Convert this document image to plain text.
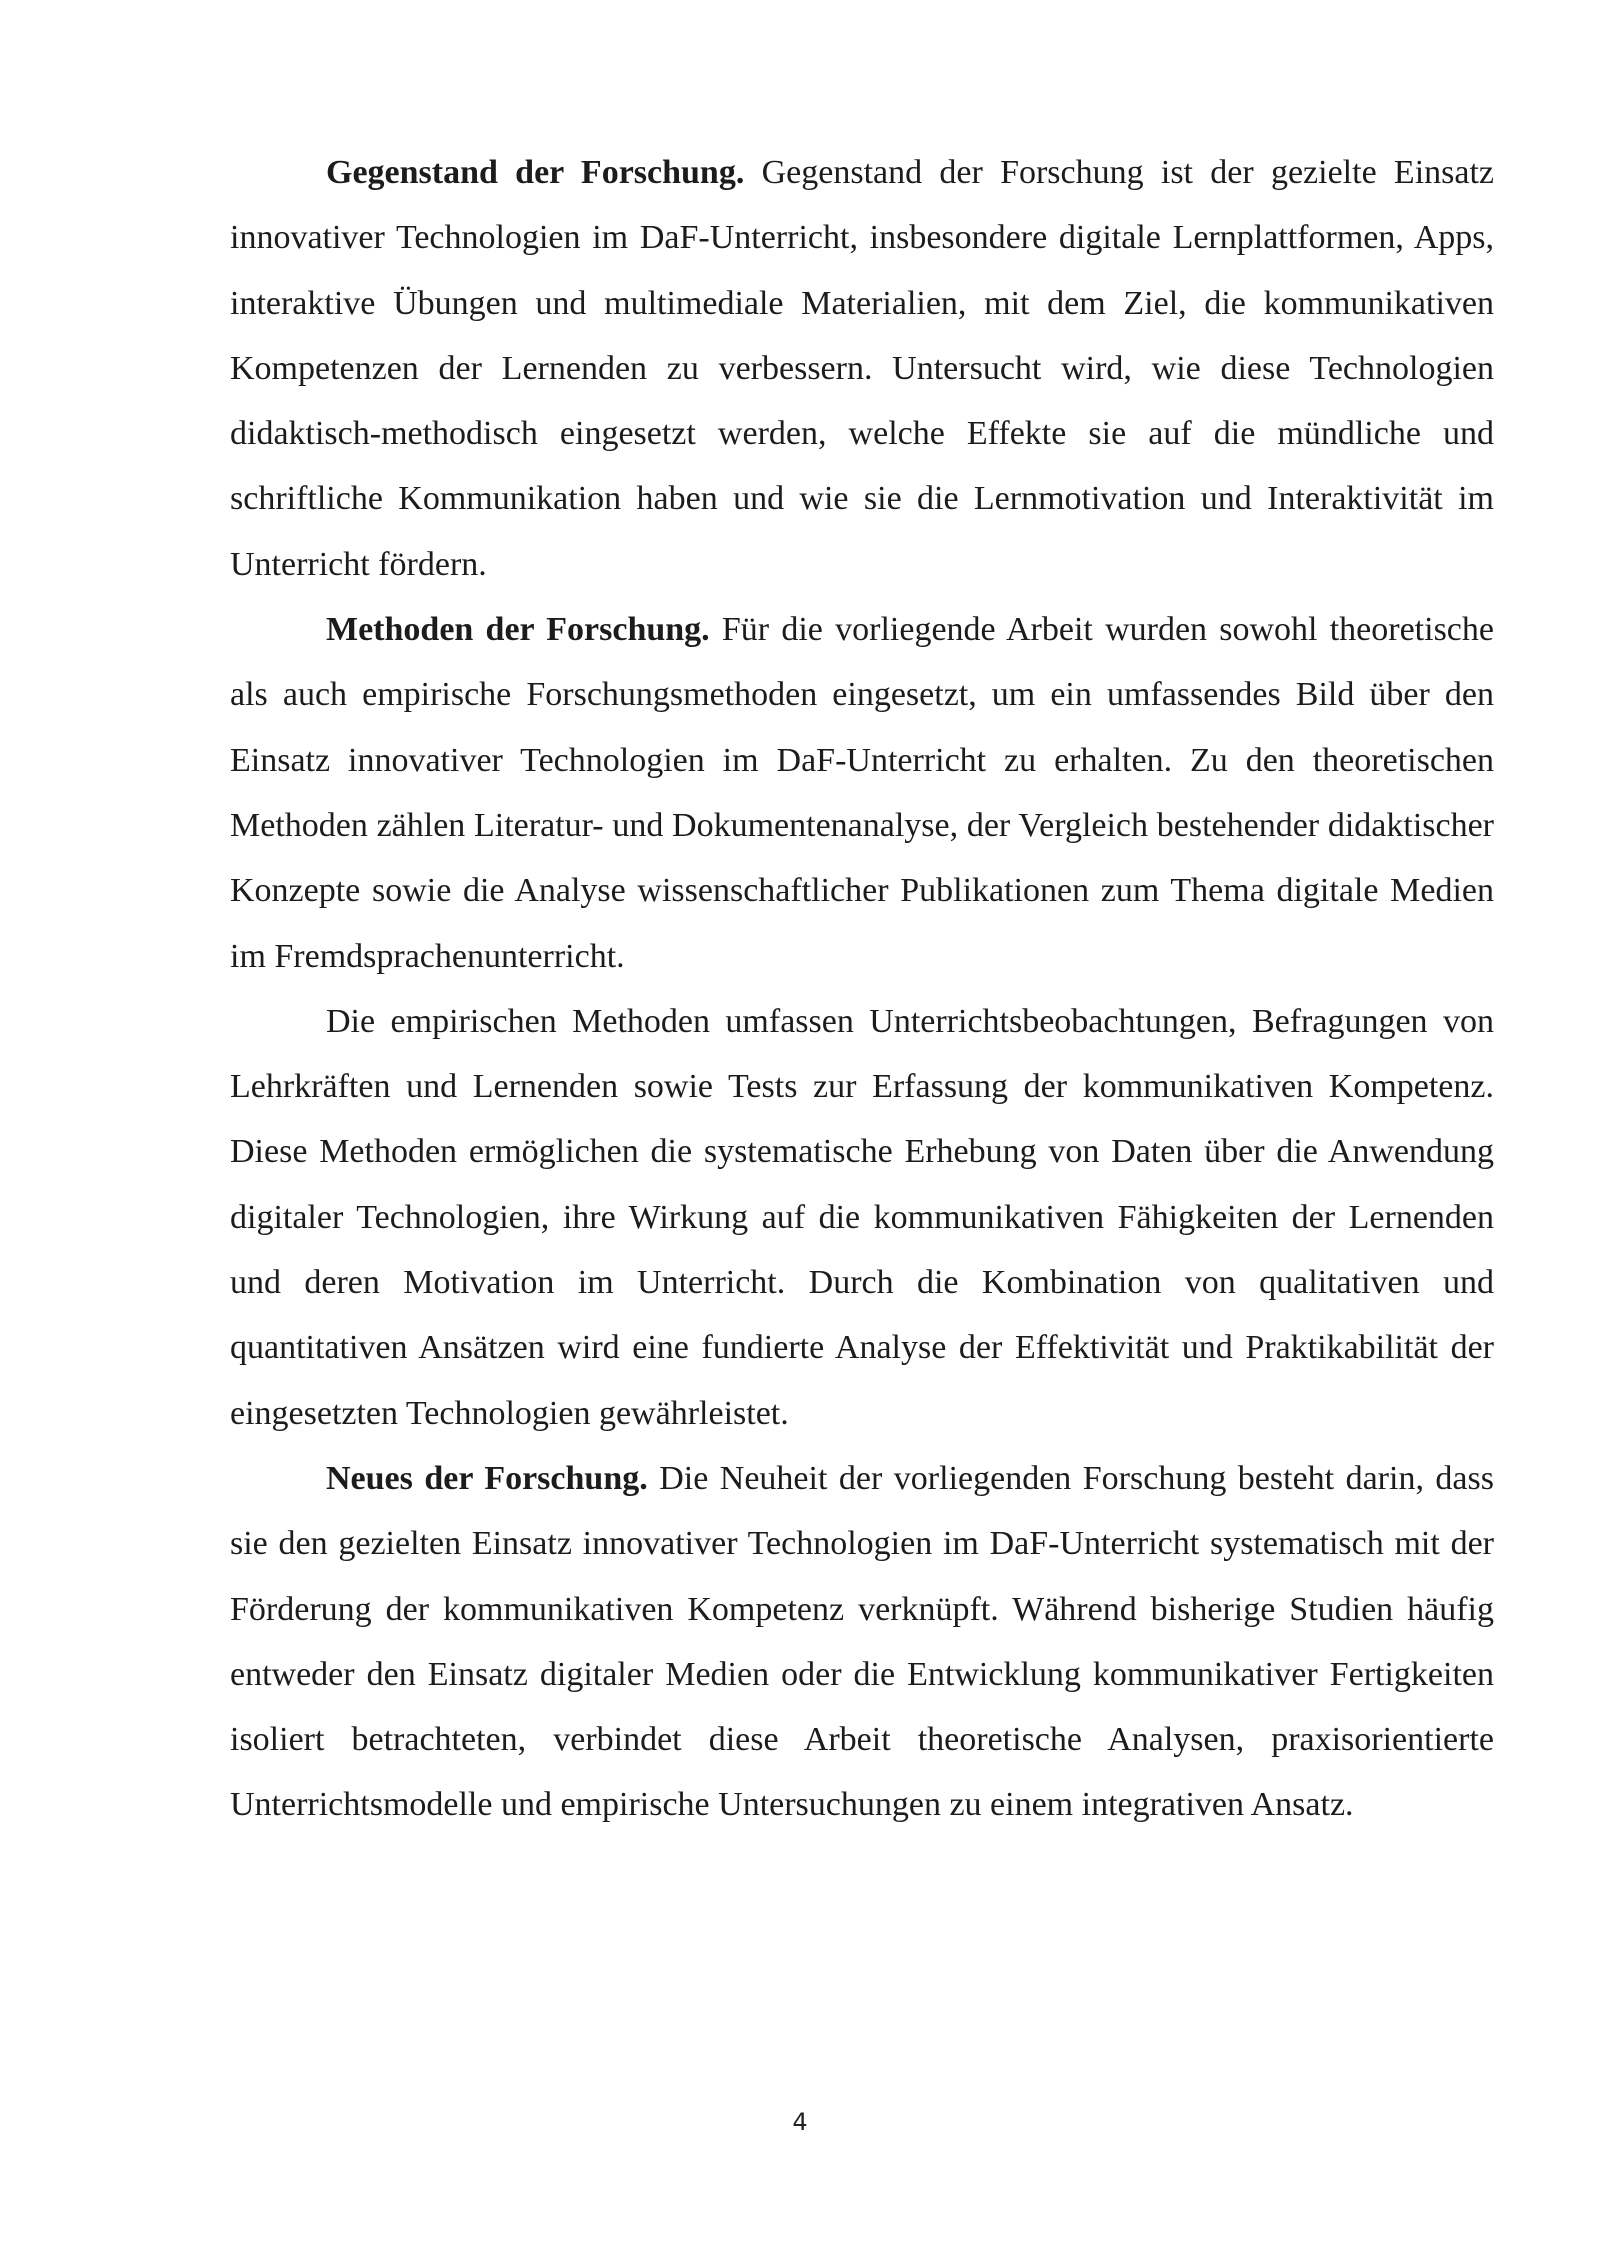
Gegenstand der Forschung. Gegenstand der Forschung ist der gezielte Einsatz innovativer Technologien im DaF-Unterricht, insbesondere digitale Lernplattformen, Apps, interaktive Übungen und multimediale Materialien, mit dem Ziel, die kommunikativen Kompetenzen der Lernenden zu verbessern. Untersucht wird, wie diese Technologien didaktisch-methodisch eingesetzt werden, welche Effekte sie auf die mündliche und schriftliche Kommunikation haben und wie sie die Lernmotivation und Interaktivität im Unterricht fördern.

Methoden der Forschung. Für die vorliegende Arbeit wurden sowohl theoretische als auch empirische Forschungsmethoden eingesetzt, um ein umfassendes Bild über den Einsatz innovativer Technologien im DaF-Unterricht zu erhalten. Zu den theoretischen Methoden zählen Literatur- und Dokumentenanalyse, der Vergleich bestehender didaktischer Konzepte sowie die Analyse wissenschaftlicher Publikationen zum Thema digitale Medien im Fremdsprachenunterricht.

Die empirischen Methoden umfassen Unterrichtsbeobachtungen, Befragungen von Lehrkräften und Lernenden sowie Tests zur Erfassung der kommunikativen Kompetenz. Diese Methoden ermöglichen die systematische Erhebung von Daten über die Anwendung digitaler Technologien, ihre Wirkung auf die kommunikativen Fähigkeiten der Lernenden und deren Motivation im Unterricht. Durch die Kombination von qualitativen und quantitativen Ansätzen wird eine fundierte Analyse der Effektivität und Praktikabilität der eingesetzten Technologien gewährleistet.

Neues der Forschung. Die Neuheit der vorliegenden Forschung besteht darin, dass sie den gezielten Einsatz innovativer Technologien im DaF-Unterricht systematisch mit der Förderung der kommunikativen Kompetenz verknüpft. Während bisherige Studien häufig entweder den Einsatz digitaler Medien oder die Entwicklung kommunikativer Fertigkeiten isoliert betrachteten, verbindet diese Arbeit theoretische Analysen, praxisorientierte Unterrichtsmodelle und empirische Untersuchungen zu einem integrativen Ansatz.

4
